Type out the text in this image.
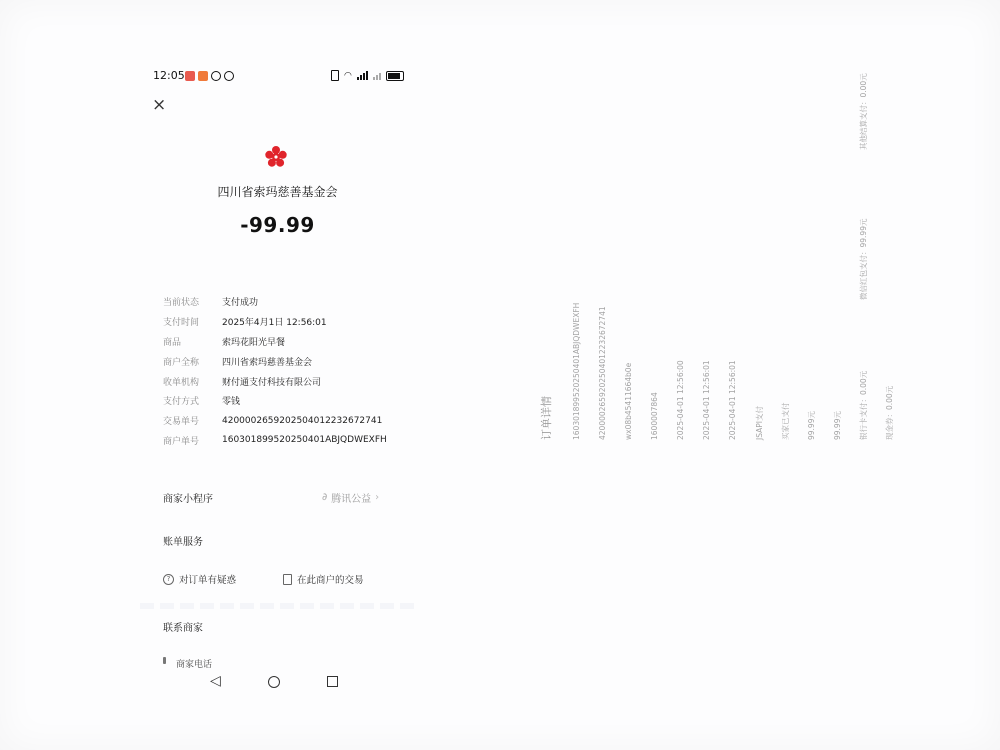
12:05	◠
×
四川省索玛慈善基金会
-99.99
当前状态	支付成功
支付时间	2025年4月1日 12:56:01
商品	索玛花阳光早餐
商户全称	四川省索玛慈善基金会
收单机构	财付通支付科技有限公司
支付方式	零钱
交易单号	4200002659202504012232672741
商户单号	16030189952025040​1ABJQDWEXFH
商家小程序	∂ 腾讯公益 ›
账单服务
? 对订单有疑惑	在此商户的交易
联系商家
商家电话
◁
订单详情	160301899520250401ABJQDWEXFH 4200002659202504012232672741 wx08b45411664b0e 1600007864 2025-04-01 12:56:00 2025-04-01 12:56:01 2025-04-01 12:56:01 JSAPI支付 买家已支付 99.99元 99.99元 银行卡支付：0.00元 现金券：0.00元
其他结算支付：0.00元
微信红包支付：99.99元
